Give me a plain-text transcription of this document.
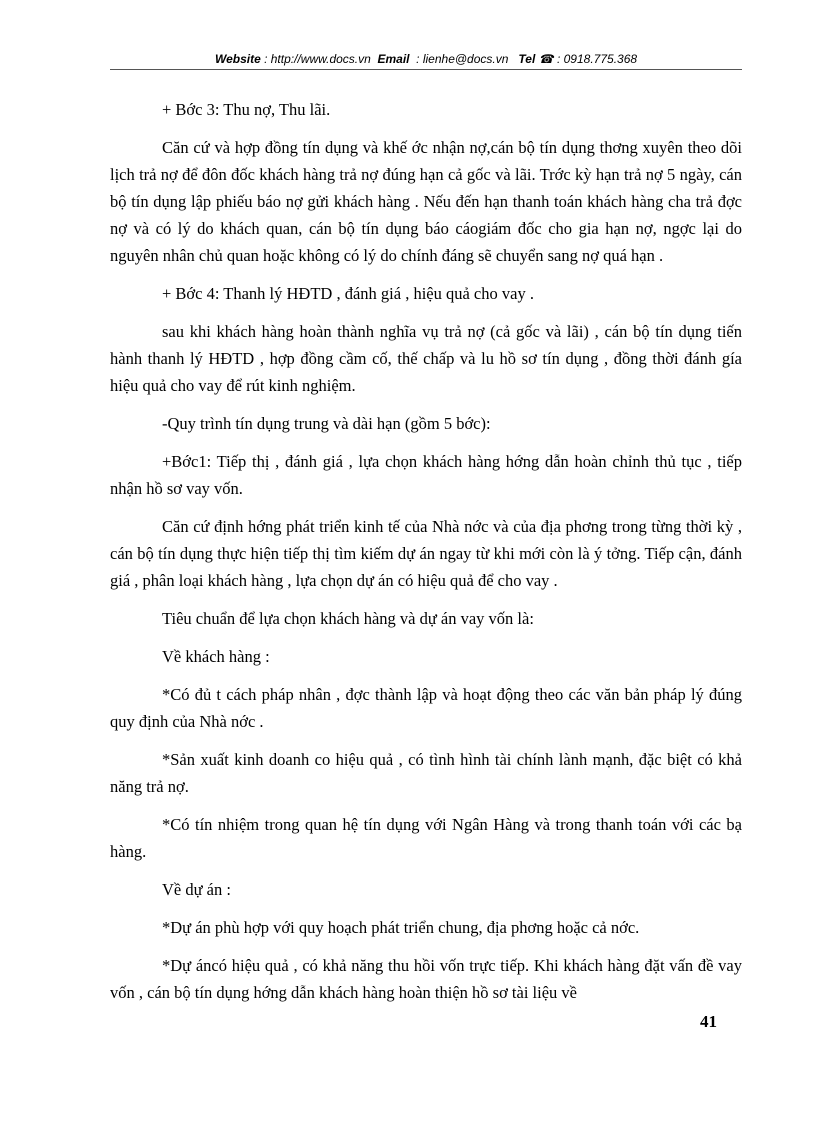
Website : http://www.docs.vn Email : lienhe@docs.vn Tel ☎ : 0918.775.368

+ Bớc 3: Thu nợ, Thu lãi.

Căn cứ và hợp đồng tín dụng và khế ớc nhận nợ,cán bộ tín dụng thơng xuyên theo dõi lịch trả nợ để đôn đốc khách hàng trả nợ đúng hạn cả gốc và lãi. Trớc kỳ hạn trả nợ 5 ngày, cán bộ tín dụng lập phiếu báo nợ gửi khách hàng . Nếu đến hạn thanh toán khách hàng cha trả đợc nợ và có lý do khách quan, cán bộ tín dụng báo cáogiám đốc cho gia hạn nợ, ngợc lại do nguyên nhân chủ quan hoặc không có lý do chính đáng sẽ chuyển sang nợ quá hạn .

+ Bớc 4: Thanh lý HĐTD , đánh giá , hiệu quả cho vay .

sau khi khách hàng hoàn thành nghĩa vụ trả nợ (cả gốc và lãi) , cán bộ tín dụng tiến hành thanh lý HĐTD , hợp đồng cầm cố, thế chấp và lu hồ sơ tín dụng , đồng thời đánh gía hiệu quả cho vay để rút kinh nghiệm.

-Quy trình tín dụng trung và dài hạn (gồm 5 bớc):

+Bớc1: Tiếp thị , đánh giá , lựa chọn khách hàng hớng dẫn hoàn chỉnh thủ tục , tiếp nhận hồ sơ vay vốn.

Căn cứ định hớng phát triển kinh tế của Nhà nớc và của địa phơng trong từng thời kỳ , cán bộ tín dụng thực hiện tiếp thị tìm kiếm dự án ngay từ khi mới còn là ý tởng. Tiếp cận, đánh giá , phân loại khách hàng , lựa chọn dự án có hiệu quả để cho vay .

Tiêu chuẩn để lựa chọn khách hàng và dự án vay vốn là:

Về khách hàng :

*Có đủ t cách pháp nhân , đợc thành lập và hoạt động theo các văn bản pháp lý đúng quy định của Nhà nớc .

*Sản xuất kinh doanh co hiệu quả , có tình hình tài chính lành mạnh, đặc biệt có khả năng trả nợ.

*Có tín nhiệm trong quan hệ tín dụng với Ngân Hàng và trong thanh toán với các bạ hàng.

Về dự án :

*Dự án phù hợp với quy hoạch phát triển chung, địa phơng hoặc cả nớc.

*Dự áncó hiệu quả , có khả năng thu hồi vốn trực tiếp. Khi khách hàng đặt vấn đề vay vốn , cán bộ tín dụng hớng dẫn khách hàng hoàn thiện hồ sơ tài liệu về

41
